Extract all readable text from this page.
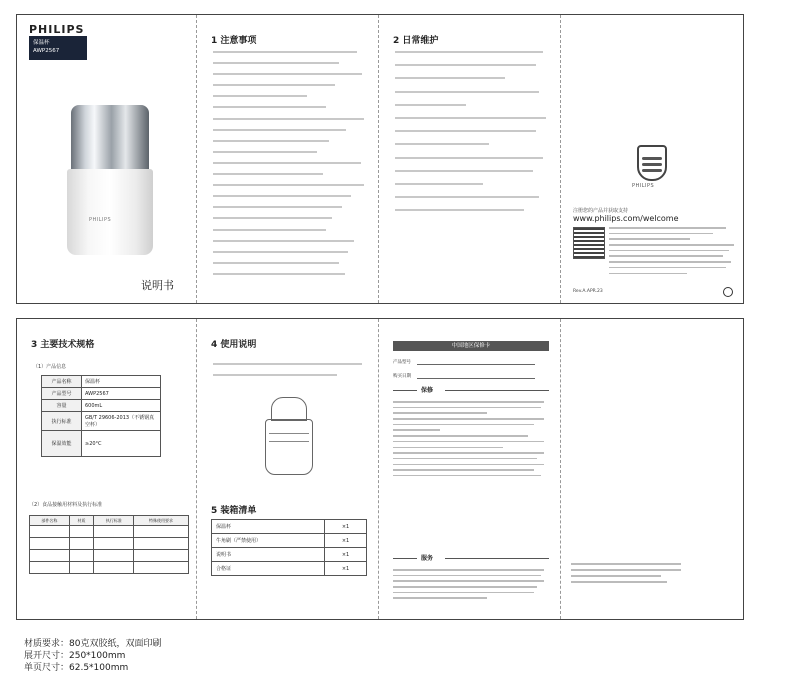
PHILIPS
保温杯
AWP2567
PHILIPS
说明书
1 注意事项	2 日常维护
PHILIPS
注册您的产品并获取支持
www.philips.com/welcome
Rev.A.APR.23
3 主要技术规格
（1）产品信息
产品名称	保温杯
产品型号	AWP2567
容量	600mL
执行标准	GB/T 29606-2013（不锈钢真空杯）
保温效能	≥20°C
（2）食品接触用材料及执行标准
部件名称	材质	执行标准	特殊使用要求

4 使用说明
5 装箱清单
保温杯	×1
牛角刷（严禁使用）	×1
说明书	×1
合格证	×1
中国地区保修卡
产品型号
购买日期
保修
服务
材质要求：80克双胶纸，双面印刷
展开尺寸：250*100mm
单页尺寸：62.5*100mm
